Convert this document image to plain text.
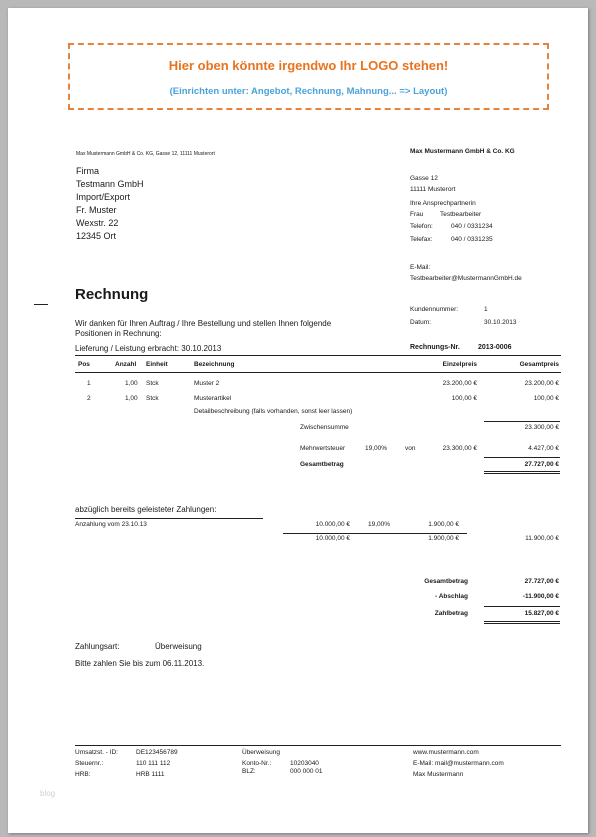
Hier oben könnte irgendwo Ihr LOGO stehen!
(Einrichten unter: Angebot, Rechnung, Mahnung... => Layout)
Max Mustermann GmbH & Co. KG, Gasse 12, 11111 Musterort
Firma
Testmann GmbH
Import/Export
Fr. Muster
Wexstr. 22
12345 Ort
Max Mustermann GmbH & Co. KG
Gasse 12
11111 Musterort
Ihre Ansprechpartnerin
Frau	Testbearbeiter
Telefon:	040 / 0331234
Telefax:	040 / 0331235
E-Mail:
Testbearbeiter@MustermannGmbH.de
Rechnung
Kundennummer:	1
Datum:	30.10.2013
Wir danken für Ihren Auftrag / Ihre Bestellung und stellen Ihnen folgende
Positionen in Rechnung:
Lieferung / Leistung erbracht: 30.10.2013	Rechnungs-Nr.	2013-0006
Pos	Anzahl Einheit	Bezeichnung	Einzelpreis	Gesamtpreis
1	1,00 Stck	Muster 2	23.200,00 €	23.200,00 €
2	1,00 Stck	Musterartikel	100,00 €	100,00 €
Detailbeschreibung (falls vorhanden, sonst leer lassen)
Zwischensumme	23.300,00 €
Mehrwertsteuer	19,00%	von	23.300,00 €	4.427,00 €
Gesamtbetrag	27.727,00 €
abzüglich bereits geleisteter Zahlungen:
Anzahlung vom 23.10.13	10.000,00 €	19,00%	1.900,00 €
10.000,00 €	1.900,00 €	11.900,00 €
Gesamtbetrag	27.727,00 €
- Abschlag	-11.900,00 €
Zahlbetrag	15.827,00 €
Zahlungsart:	Überweisung
Bitte zahlen Sie bis zum 06.11.2013.
Umsatzst. - ID:	DE123456789
Steuernr.:	110 111 112
HRB:	HRB 1111
Überweisung
Konto-Nr.:	10203040
BLZ:	000 000 01
www.mustermann.com
E-Mail: mail@mustermann.com
Max Mustermann
blog
